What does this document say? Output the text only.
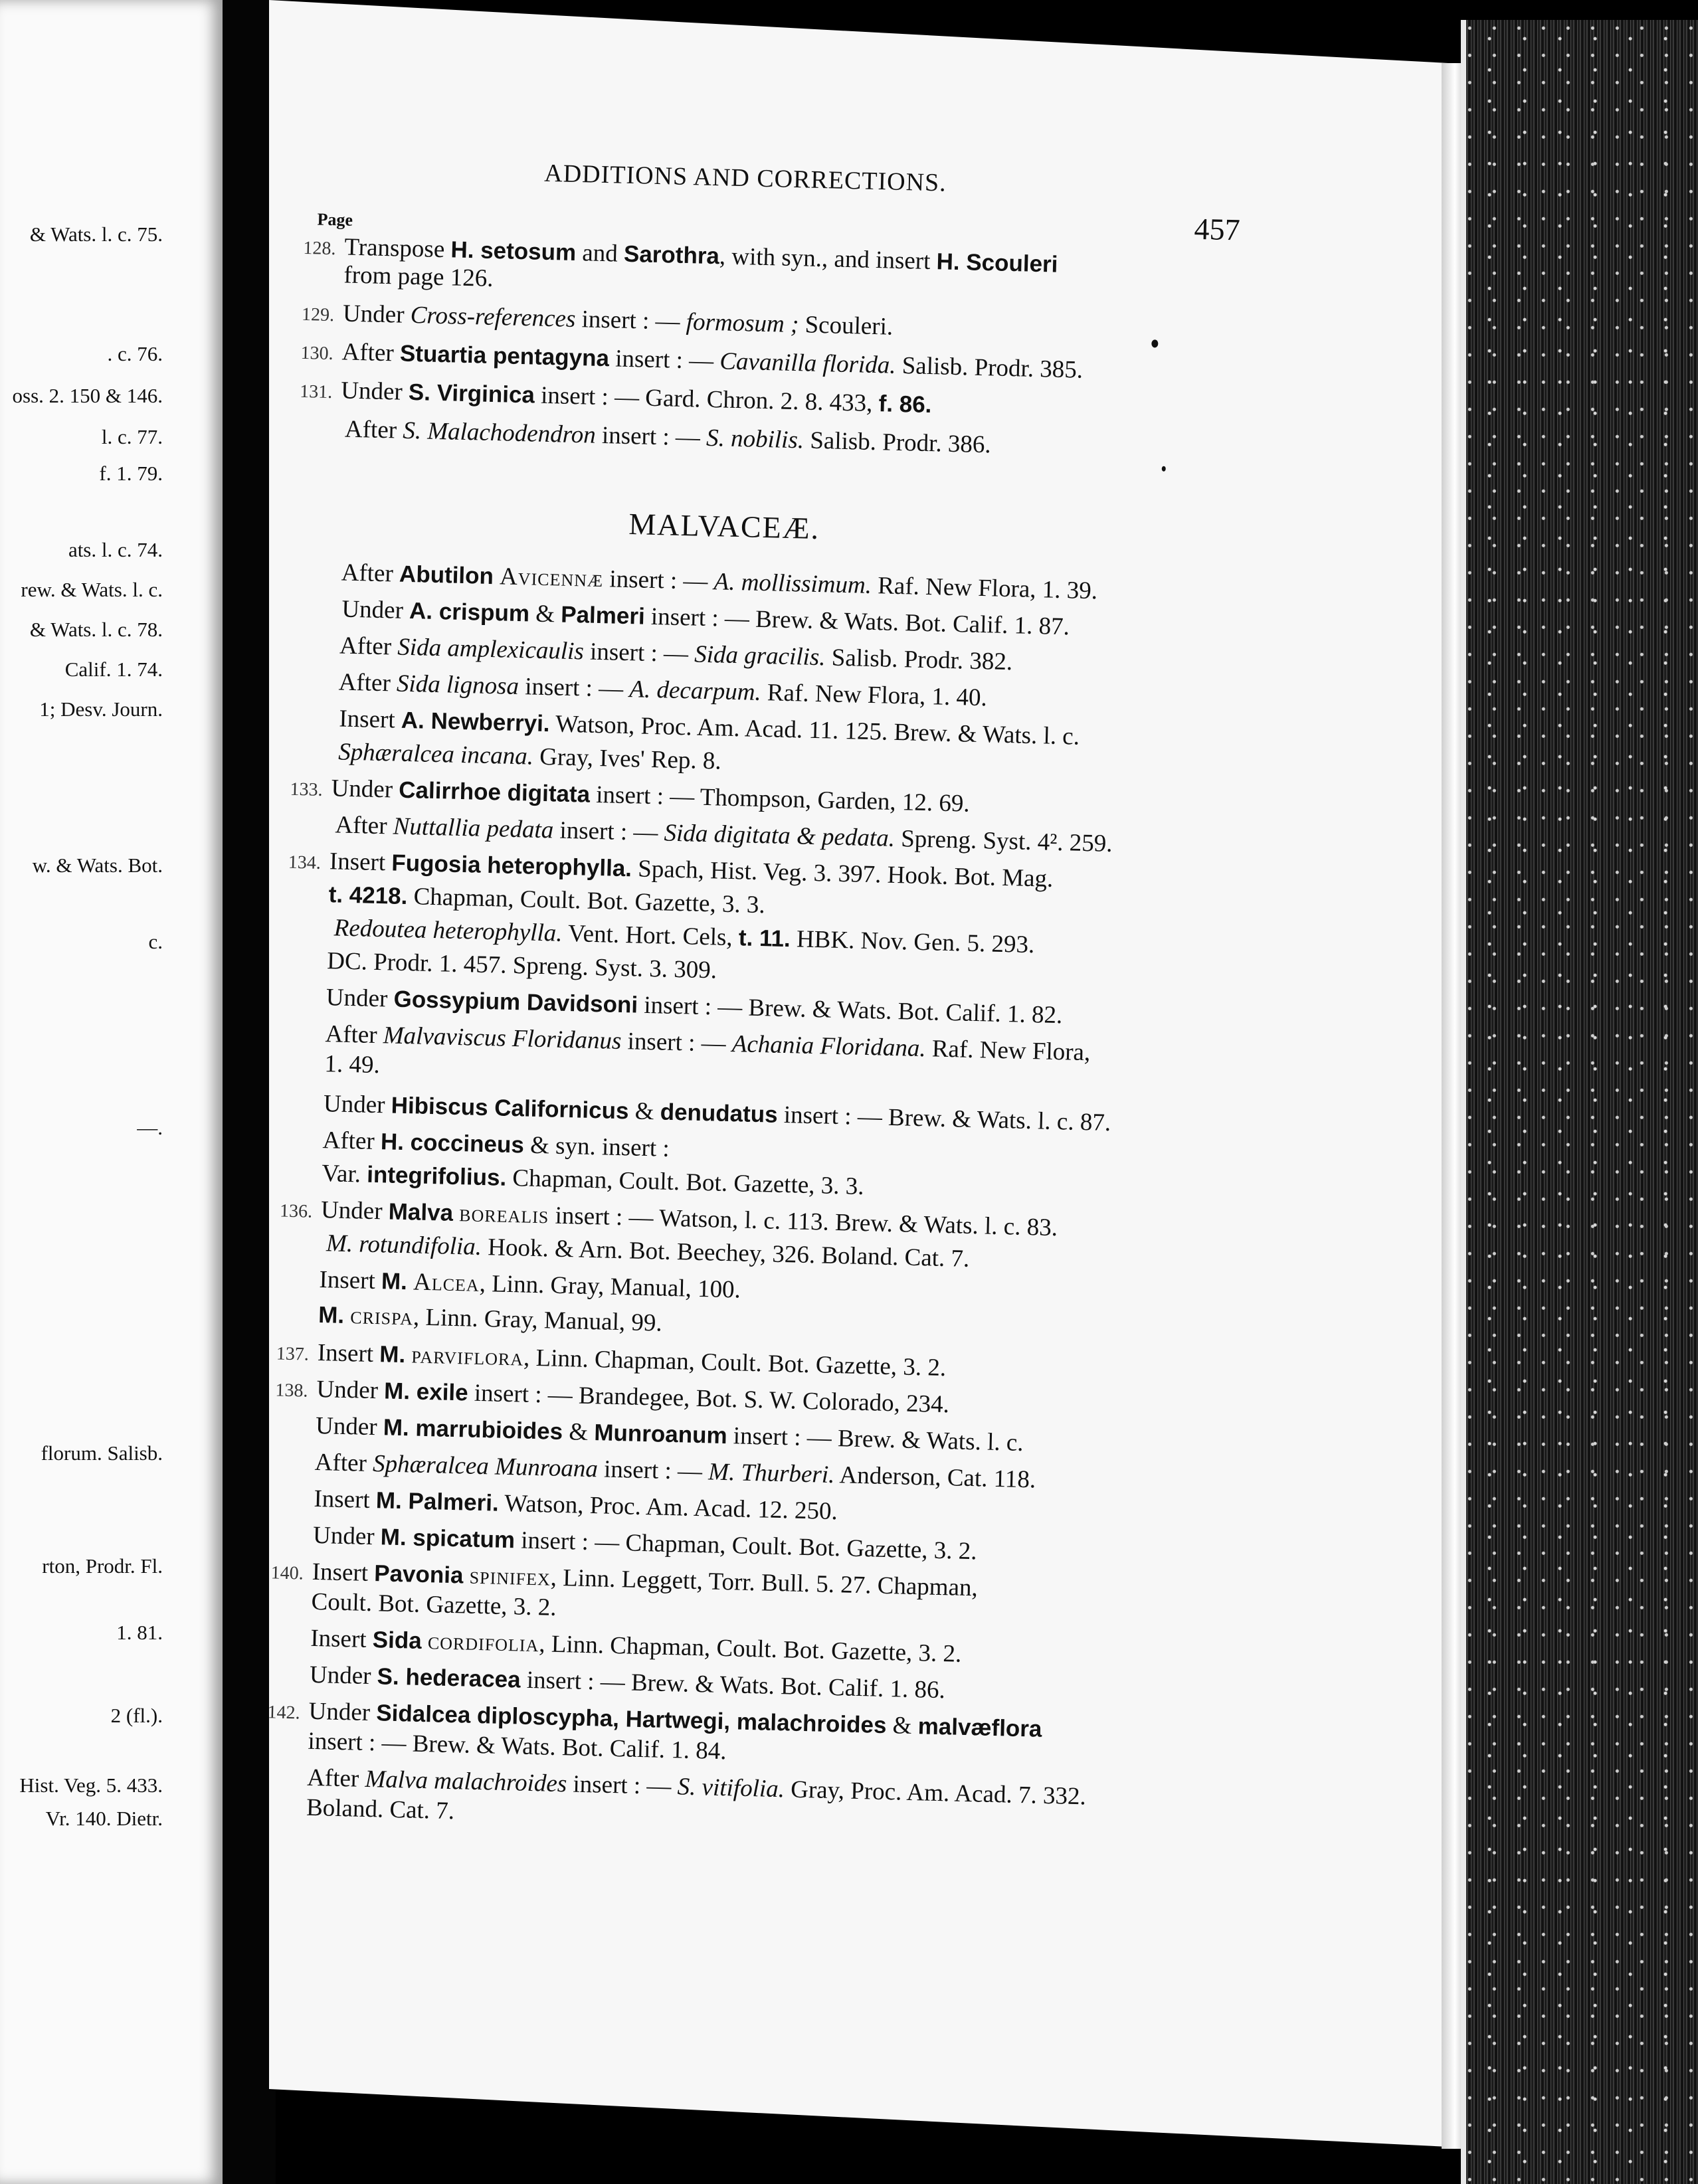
& Wats. l. c. 75.
. c. 76.
oss. 2. 150 & 146.
l. c. 77.
f. 1. 79.
ats. l. c. 74.
rew. & Wats. l. c.
& Wats. l. c. 78.
Calif. 1. 74.
1; Desv. Journ.
w. & Wats. Bot.
c.
—.
florum. Salisb.
rton, Prodr. Fl.
1. 81.
2 (fl.).
Hist. Veg. 5. 433.
Vr. 140. Dietr.
ADDITIONS AND CORRECTIONS.
457
Page
128. Transpose H. setosum and Sarothra, with syn., and insert H. Scouleri
from page 126.
129. Under Cross-references insert : — formosum ; Scouleri.
130. After Stuartia pentagyna insert : — Cavanilla florida. Salisb. Prodr. 385.
131. Under S. Virginica insert : — Gard. Chron. 2. 8. 433, f. 86.
After S. Malachodendron insert : — S. nobilis. Salisb. Prodr. 386.
MALVACEÆ.
After Abutilon Avicennæ insert : — A. mollissimum. Raf. New Flora, 1. 39.
Under A. crispum & Palmeri insert : — Brew. & Wats. Bot. Calif. 1. 87.
After Sida amplexicaulis insert : — Sida gracilis. Salisb. Prodr. 382.
After Sida lignosa insert : — A. decarpum. Raf. New Flora, 1. 40.
Insert A. Newberryi. Watson, Proc. Am. Acad. 11. 125. Brew. & Wats. l. c.
Sphæralcea incana. Gray, Ives' Rep. 8.
133. Under Calirrhoe digitata insert : — Thompson, Garden, 12. 69.
After Nuttallia pedata insert : — Sida digitata & pedata. Spreng. Syst. 4². 259.
134. Insert Fugosia heterophylla. Spach, Hist. Veg. 3. 397. Hook. Bot. Mag.
t. 4218. Chapman, Coult. Bot. Gazette, 3. 3.
Redoutea heterophylla. Vent. Hort. Cels, t. 11. HBK. Nov. Gen. 5. 293.
DC. Prodr. 1. 457. Spreng. Syst. 3. 309.
Under Gossypium Davidsoni insert : — Brew. & Wats. Bot. Calif. 1. 82.
After Malvaviscus Floridanus insert : — Achania Floridana. Raf. New Flora,
1. 49.
Under Hibiscus Californicus & denudatus insert : — Brew. & Wats. l. c. 87.
After H. coccineus & syn. insert :
Var. integrifolius. Chapman, Coult. Bot. Gazette, 3. 3.
136. Under Malva borealis insert : — Watson, l. c. 113. Brew. & Wats. l. c. 83.
M. rotundifolia. Hook. & Arn. Bot. Beechey, 326. Boland. Cat. 7.
Insert M. Alcea, Linn. Gray, Manual, 100.
M. crispa, Linn. Gray, Manual, 99.
137. Insert M. parviflora, Linn. Chapman, Coult. Bot. Gazette, 3. 2.
138. Under M. exile insert : — Brandegee, Bot. S. W. Colorado, 234.
Under M. marrubioides & Munroanum insert : — Brew. & Wats. l. c.
After Sphæralcea Munroana insert : — M. Thurberi. Anderson, Cat. 118.
Insert M. Palmeri. Watson, Proc. Am. Acad. 12. 250.
Under M. spicatum insert : — Chapman, Coult. Bot. Gazette, 3. 2.
140. Insert Pavonia spinifex, Linn. Leggett, Torr. Bull. 5. 27. Chapman,
Coult. Bot. Gazette, 3. 2.
Insert Sida cordifolia, Linn. Chapman, Coult. Bot. Gazette, 3. 2.
Under S. hederacea insert : — Brew. & Wats. Bot. Calif. 1. 86.
142. Under Sidalcea diploscypha, Hartwegi, malachroides & malvæflora
insert : — Brew. & Wats. Bot. Calif. 1. 84.
After Malva malachroides insert : — S. vitifolia. Gray, Proc. Am. Acad. 7. 332.
Boland. Cat. 7.
